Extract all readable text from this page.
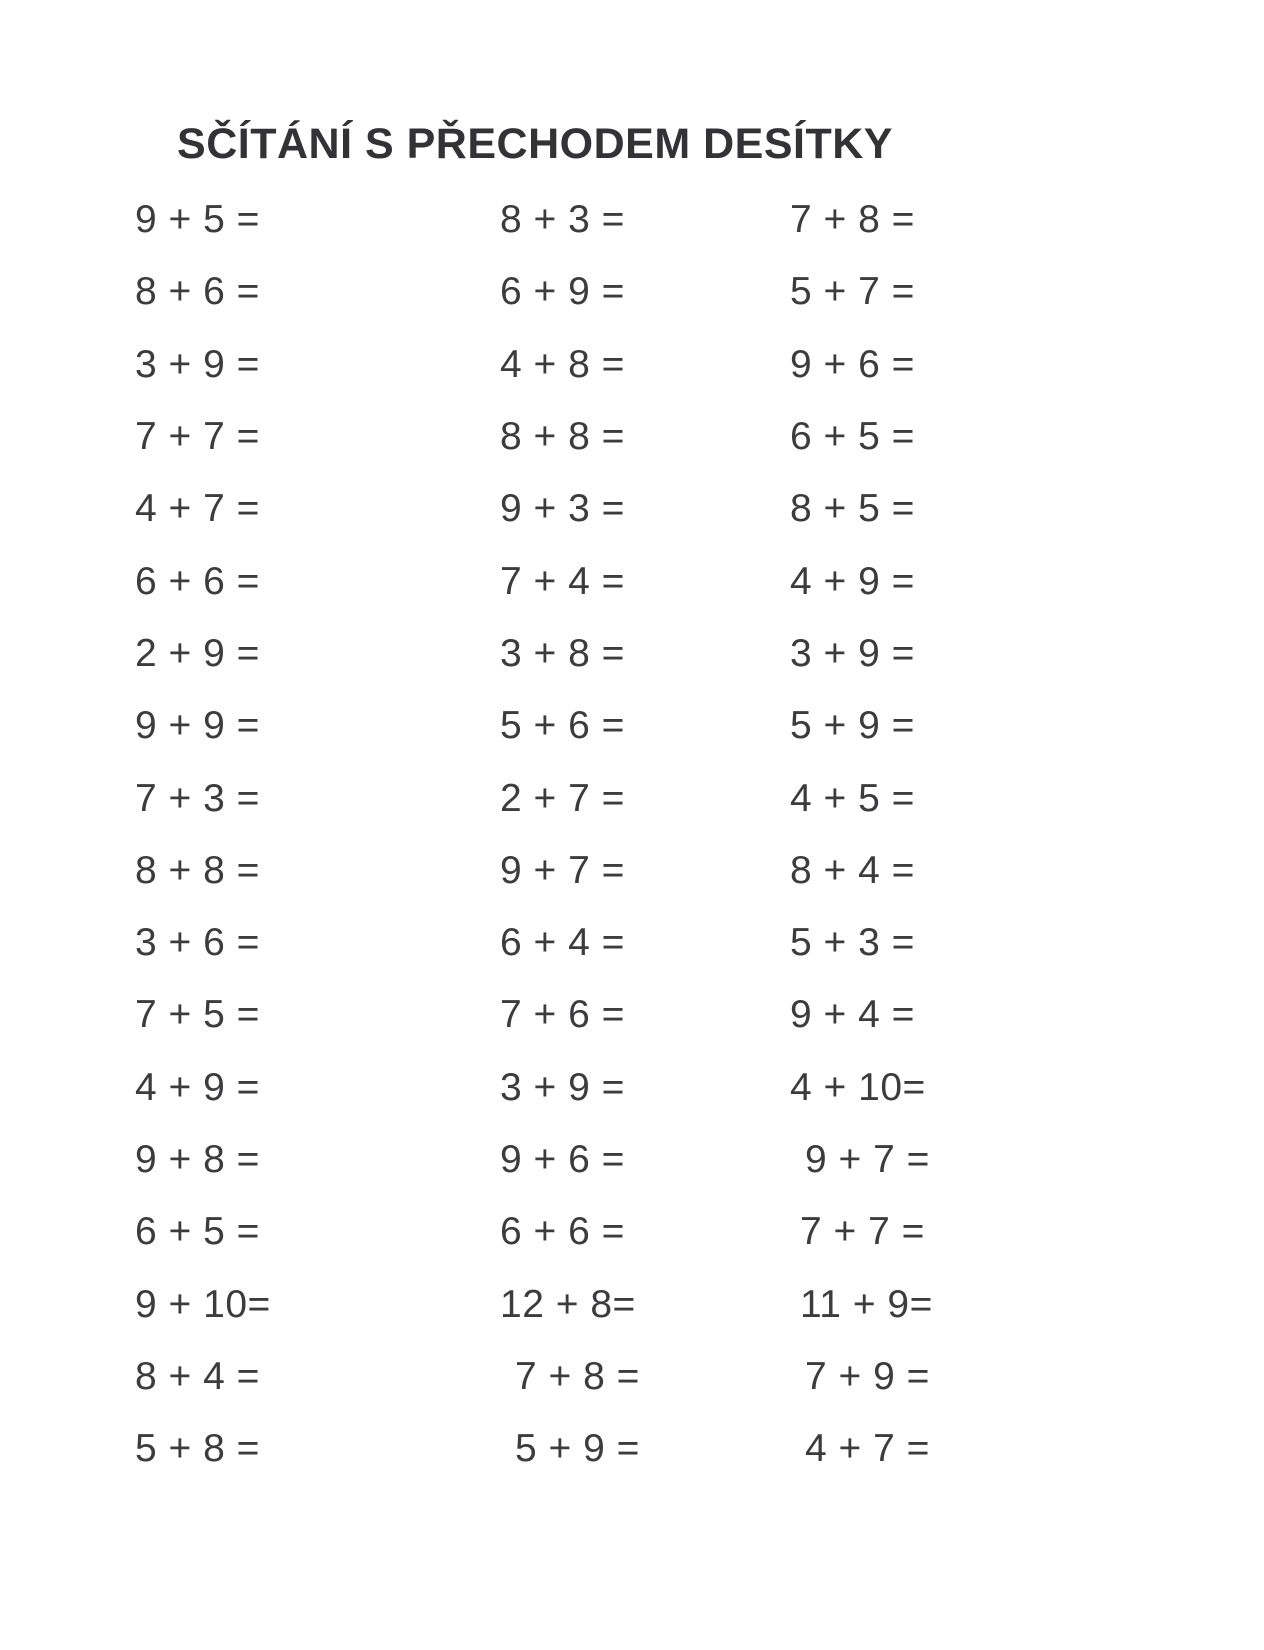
SČÍTÁNÍ S PŘECHODEM DESÍTKY
9 + 5 =	8 + 3 =	7 + 8 =
8 + 6 =	6 + 9 =	5 + 7 =
3 + 9 =	4 + 8 =	9 + 6 =
7 + 7 =	8 + 8 =	6 + 5 =
4 + 7 =	9 + 3 =	8 + 5 =
6 + 6 =	7 + 4 =	4 + 9 =
2 + 9 =	3 + 8 =	3 + 9 =
9 + 9 =	5 + 6 =	5 + 9 =
7 + 3 =	2 + 7 =	4 + 5 =
8 + 8 =	9 + 7 =	8 + 4 =
3 + 6 =	6 + 4 =	5 + 3 =
7 + 5 =	7 + 6 =	9 + 4 =
4 + 9 =	3 + 9 =	4 + 10=
9 + 8 =	9 + 6 =	9 + 7 =
6 + 5 =	6 + 6 =	7 + 7 =
9 + 10=	12 + 8=	11 + 9=
8 + 4 =	7 + 8 =	7 + 9 =
5 + 8 =	5 + 9 =	4 + 7 =
